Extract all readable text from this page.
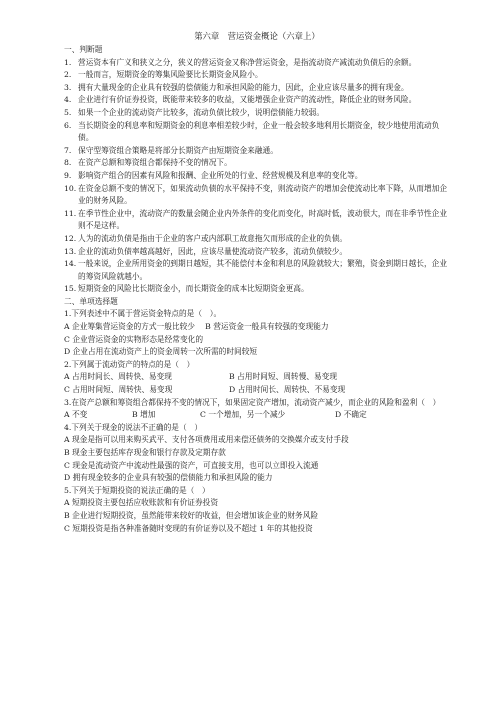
第六章　营运资金概论（六章上）

一、判断题

1. 营运资本有广义和狭义之分，狭义的营运资金又称净营运资金，是指流动资产减流动负债后的余额。
2. 一般而言，短期资金的筹集风险要比长期资金风险小。
3. 拥有大量现金的企业具有较强的偿债能力和承担风险的能力，因此，企业应该尽量多的拥有现金。
4. 企业进行有价证券投资，既能带来较多的收益，又能增强企业资产的流动性，降低企业的财务风险。
5. 如果一个企业的流动资产比较多，流动负债比较少，说明偿债能力较弱。
6. 当长期资金的利息率和短期资金的利息率相差较少时，企业一般会较多地利用长期资金，较少地使用流动负债。
7. 保守型筹资组合策略是将部分长期资产由短期资金来融通。
8. 在资产总额和筹资组合都保持不变的情况下。
9. 影响资产组合的因素有风险和报酬、企业所处的行业、经营规模及利息率的变化等。
10. 在资金总额不变的情况下，如果流动负债的水平保持不变，则流动资产的增加会使流动比率下降，从而增加企业的财务风险。
11. 在季节性企业中，流动资产的数量会随企业内外条件的变化而变化，时高时低，波动很大，而在非季节性企业则不是这样。
12. 人为的流动负债是指由于企业的客户或内部职工故意拖欠而形成的企业的负债。
13. 企业的流动负债率越高越好，因此，应该尽量使流动资产较多，流动负债较少。
14. 一般来说，企业所用资金的到期日越短，其不能偿付本金和利息的风险就较大；繁殖，资金到期日越长，企业的筹资风险就越小。
15. 短期资金的风险比长期资金小，而长期资金的成本比短期资金更高。

二、单项选择题

1.下列表述中不属于营运资金特点的是（　）。

A 企业筹集营运资金的方式一般比较少　 B 营运资金一般具有较强的变现能力

C 企业营运资金的实物形态是经常变化的

D 企业占用在流动资产上的资金周转一次所需的时间较短

2.下列属于流动资产的特点的是（　）

A 占用时间长、周转快、易变现	B 占用时间短、周转慢、易变现

C 占用时间短、周转快、易变现	D 占用时间长、周转快、不易变现

3.在资产总额和筹资组合都保持不变的情况下，如果固定资产增加，流动资产减少，而企业的风险和盈利（　）

A 不变	B 增加	C 一个增加，另一个减少	D 不确定

4.下列关于现金的说法不正确的是（　）

A 现金是指可以用来购买武平、支付各项费用或用来偿还债务的交换媒介或支付手段

B 现金主要包括库存现金和银行存款及定期存款

C 现金是流动资产中流动性最强的资产，可直接支用，也可以立即投入流通

D 拥有现金较多的企业具有较强的偿债能力和承担风险的能力

5.下列关于短期投资的说法正确的是（　）

A 短期投资主要包括应收账款和有价证券投资

B 企业进行短期投资，虽然能带来较好的收益，但会增加该企业的财务风险

C 短期投资是指各种准备随时变现的有价证券以及不超过 1 年的其他投资
